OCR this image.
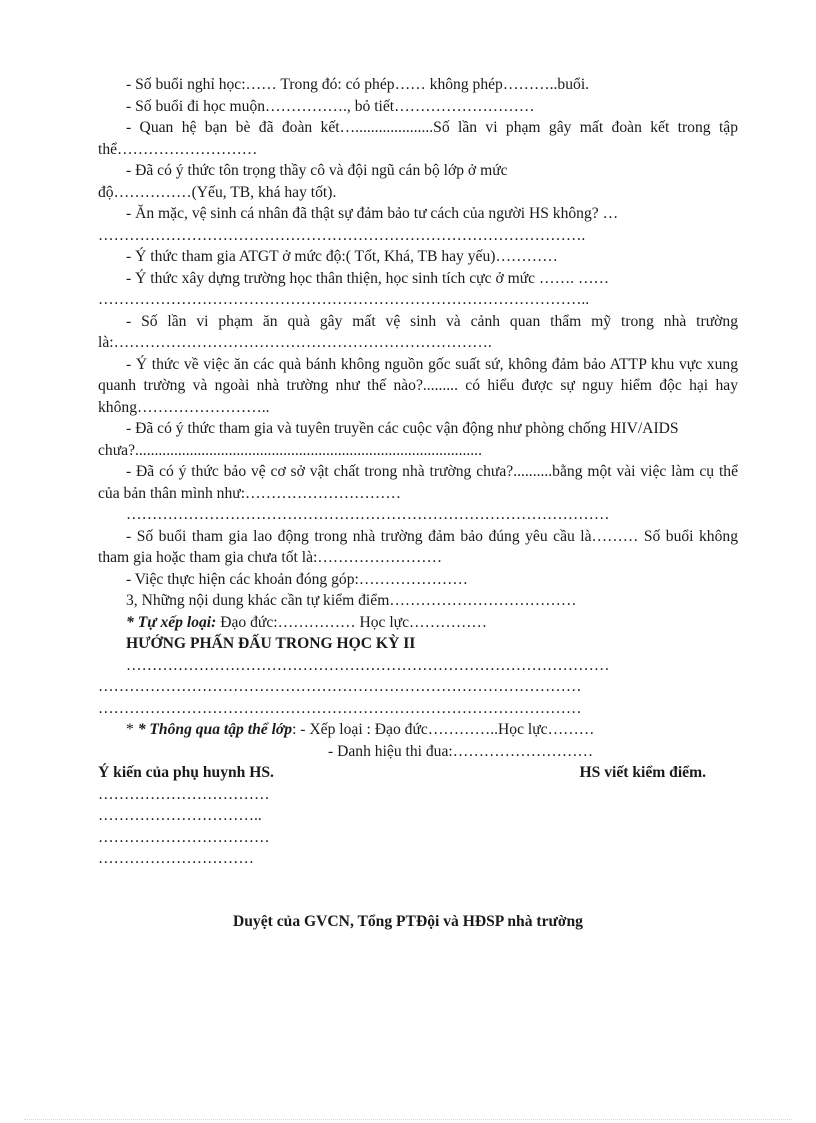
- Số buổi nghỉ học:…… Trong đó: có phép…… không phép………..buổi.

- Số buổi đi học muộn……………., bỏ tiết………………………

- Quan hệ bạn bè đã đoàn kết…....................Số lần vi phạm gây mất đoàn kết trong tập thể………………………

- Đã có ý thức tôn trọng thầy cô và đội ngũ cán bộ lớp ở mức

độ……………(Yếu, TB, khá hay tốt).

- Ăn mặc, vệ sinh cá nhân đã thật sự đảm bảo tư cách của người HS không? …

………………………………………………………………………………….

- Ý thức tham gia ATGT ở mức độ:( Tốt, Khá, TB hay yếu)…………

- Ý thức xây dựng trường học thân thiện, học sinh tích cực ở mức ……. ……

…………………………………………………………………………………..

- Số lần vi phạm ăn quà gây mất vệ sinh và cảnh quan thẩm mỹ trong nhà trường là:……………………………………………………………….

- Ý thức về việc ăn các quà bánh không nguồn gốc suất sứ, không đảm bảo ATTP khu vực xung quanh trường và ngoài nhà trường như thế nào?......... có hiểu được sự nguy hiểm độc hại hay không……………………..

- Đã có ý thức tham gia và tuyên truyền các cuộc vận động như phòng chống HIV/AIDS chưa?.........................................................................................

- Đã có ý thức bảo vệ cơ sở vật chất trong nhà trường chưa?..........bằng một vài việc làm cụ thể của bản thân mình như:…………………………

…………………………………………………………………………………

- Số buổi tham gia lao động trong nhà trường đảm bảo đúng yêu cầu là……… Số buổi không tham gia hoặc tham gia chưa tốt là:……………………

- Việc thực hiện các khoản đóng góp:…………………

3, Những nội dung khác cần tự kiểm điểm………………………………

* Tự xếp loại: Đạo đức:…………… Học lực……………

HƯỚNG PHẤN ĐẤU TRONG HỌC KỲ II

…………………………………………………………………………………

…………………………………………………………………………………

…………………………………………………………………………………

* * Thông qua tập thể lớp: - Xếp loại : Đạo đức…………..Học lực………

- Danh hiệu thi đua:………………………

Ý kiến của phụ huynh HS.	HS viết kiểm điểm.

……………………………

…………………………..

……………………………

…………………………

Duyệt của GVCN, Tổng PTĐội và HĐSP nhà trường
